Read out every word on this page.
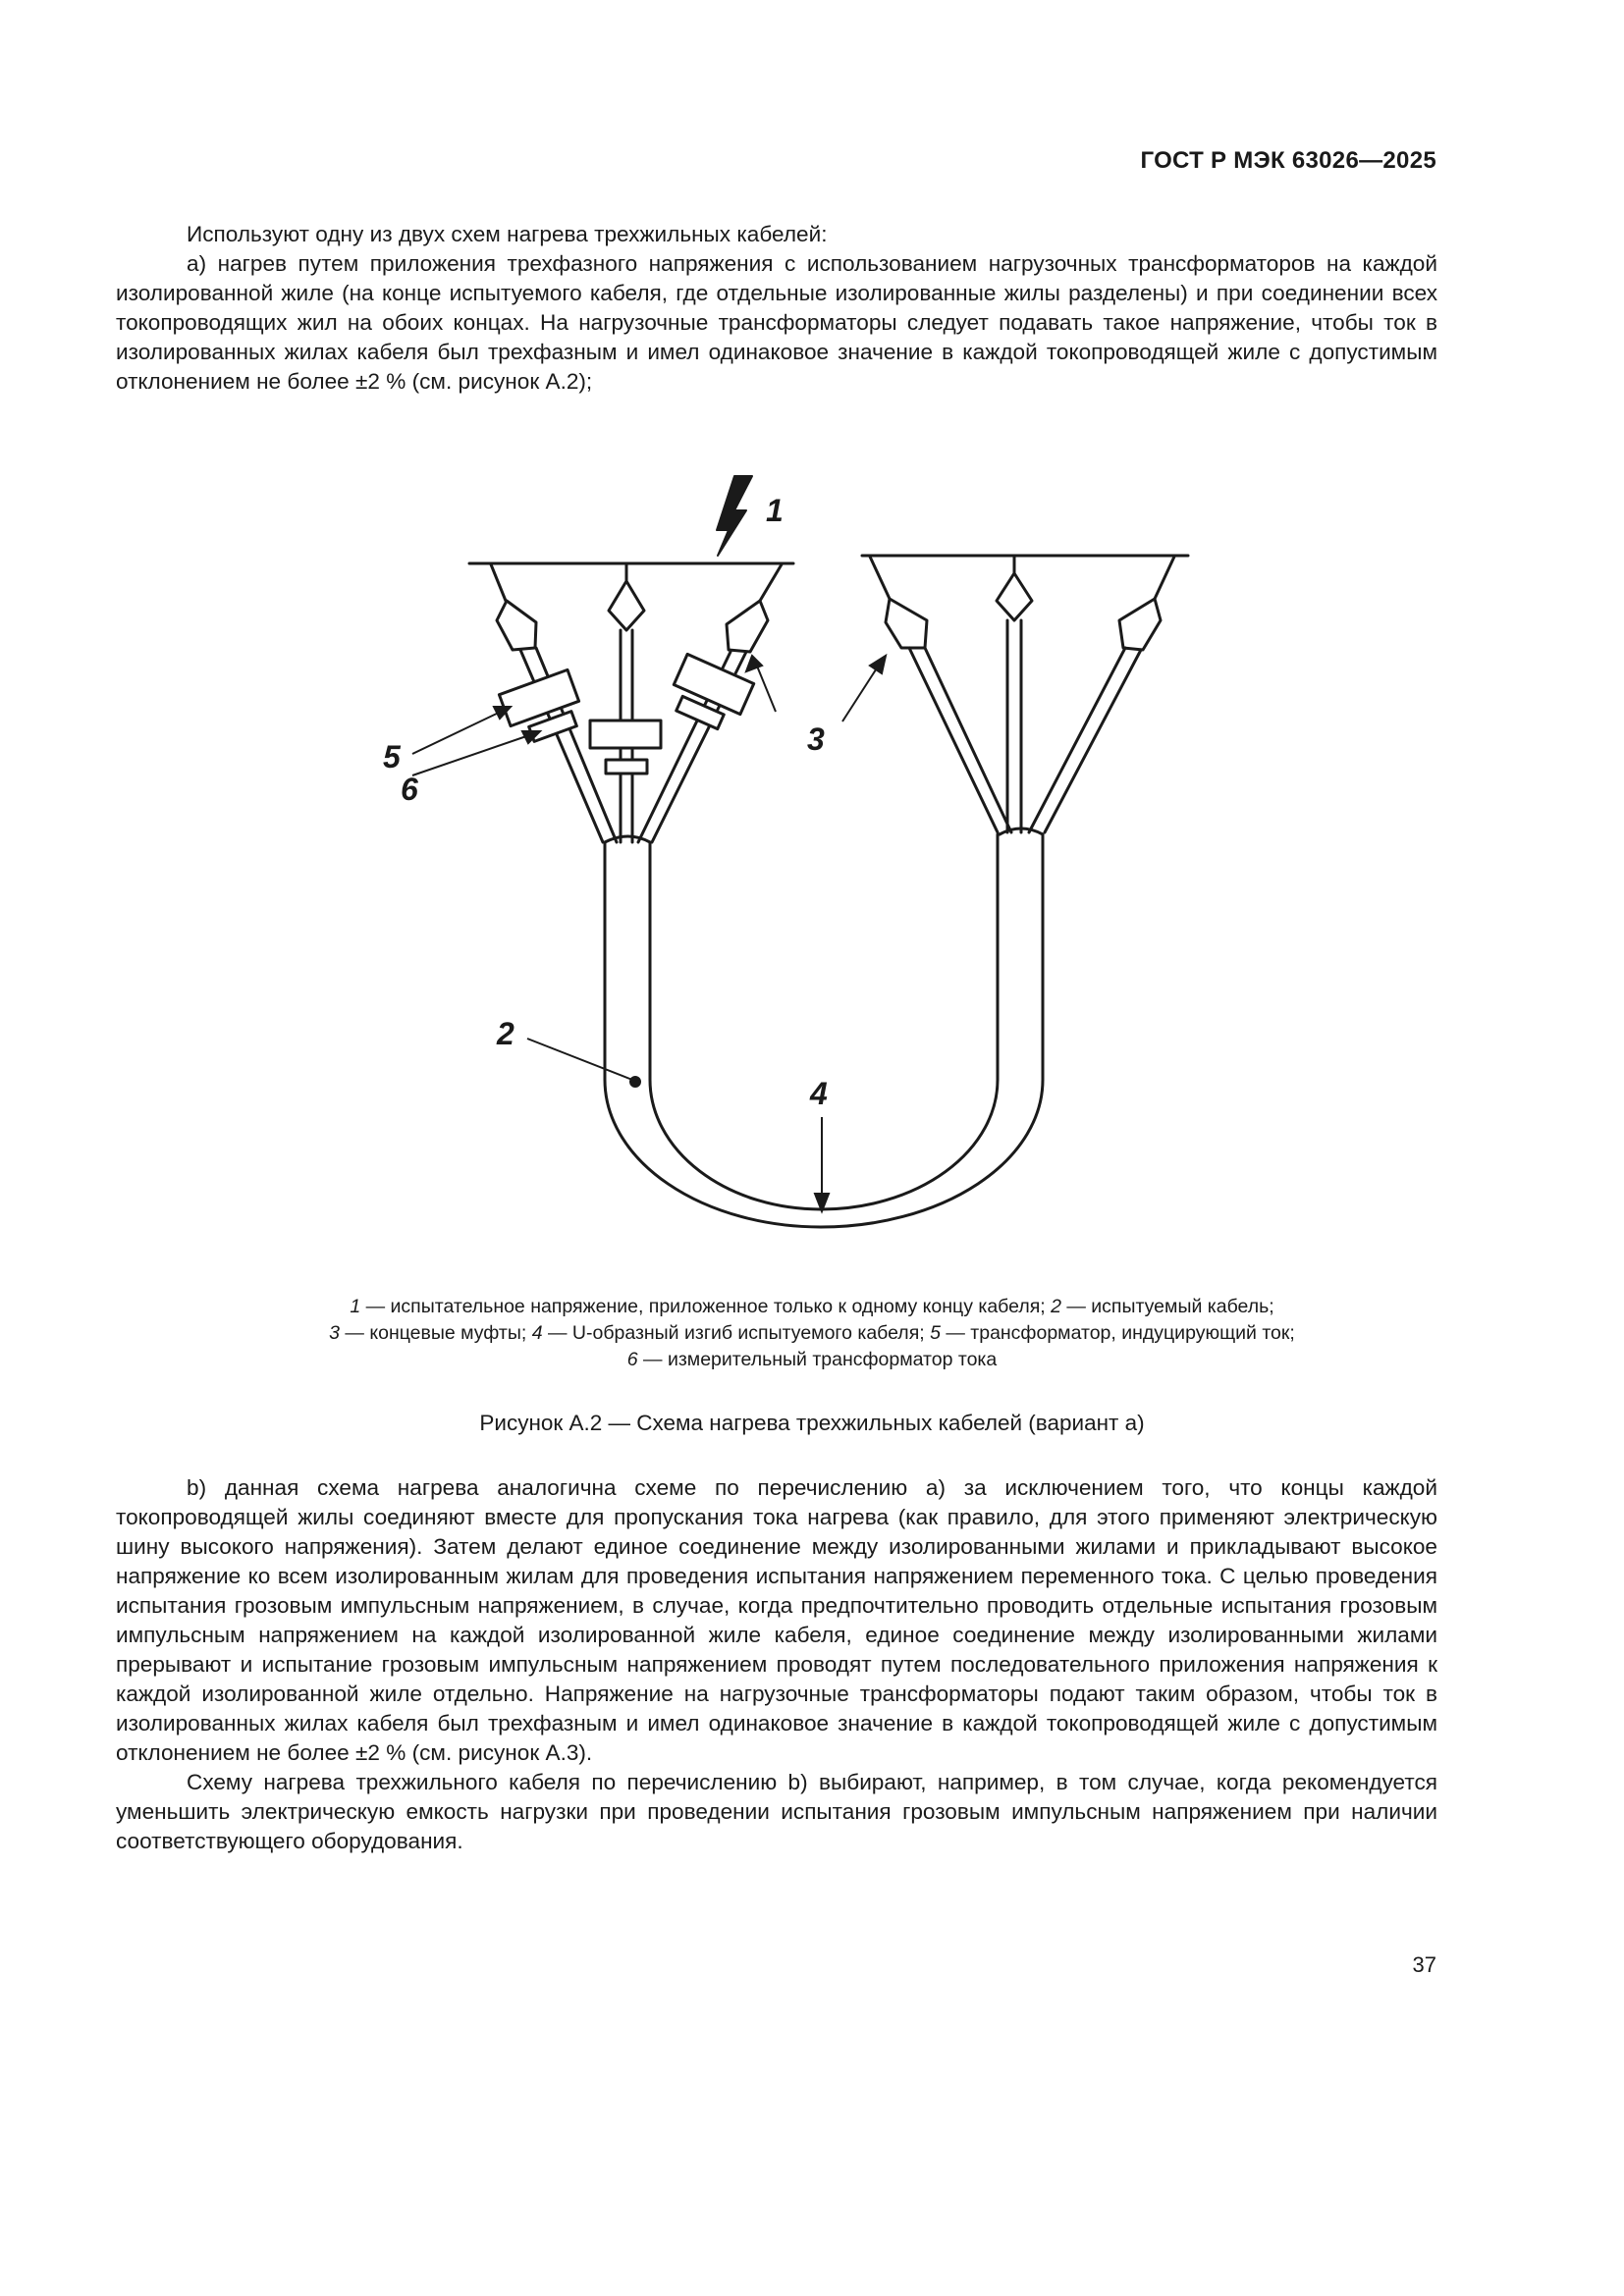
ГОСТ Р МЭК 63026—2025

Используют одну из двух схем нагрева трехжильных кабелей:

а) нагрев путем приложения трехфазного напряжения с использованием нагрузочных трансформаторов на каждой изолированной жиле (на конце испытуемого кабеля, где отдельные изолированные жилы разделены) и при соединении всех токопроводящих жил на обоих концах. На нагрузочные трансформаторы следует подавать такое напряжение, чтобы ток в изолированных жилах кабеля был трехфазным и имел одинаковое значение в каждой токопроводящей жиле с допустимым отклонением не более ±2 % (см. рисунок А.2);

1
3
5
6
2
4
1 — испытательное напряжение, приложенное только к одному концу кабеля; 2 — испытуемый кабель;
3 — концевые муфты; 4 — U-образный изгиб испытуемого кабеля; 5 — трансформатор, индуцирующий ток;
6 — измерительный трансформатор тока
Рисунок А.2 — Схема нагрева трехжильных кабелей (вариант а)

b) данная схема нагрева аналогична схеме по перечислению а) за исключением того, что концы каждой токопроводящей жилы соединяют вместе для пропускания тока нагрева (как правило, для этого применяют электрическую шину высокого напряжения). Затем делают единое соединение между изолированными жилами и прикладывают высокое напряжение ко всем изолированным жилам для проведения испытания напряжением переменного тока. С целью проведения испытания грозовым импульсным напряжением, в случае, когда предпочтительно проводить отдельные испытания грозовым импульсным напряжением на каждой изолированной жиле кабеля, единое соединение между изолированными жилами прерывают и испытание грозовым импульсным напряжением проводят путем последовательного приложения напряжения к каждой изолированной жиле отдельно. Напряжение на нагрузочные трансформаторы подают таким образом, чтобы ток в изолированных жилах кабеля был трехфазным и имел одинаковое значение в каждой токопроводящей жиле с допустимым отклонением не более ±2 % (см. рисунок А.3).

Схему нагрева трехжильного кабеля по перечислению b) выбирают, например, в том случае, когда рекомендуется уменьшить электрическую емкость нагрузки при проведении испытания грозовым импульсным напряжением при наличии соответствующего оборудования.

37
